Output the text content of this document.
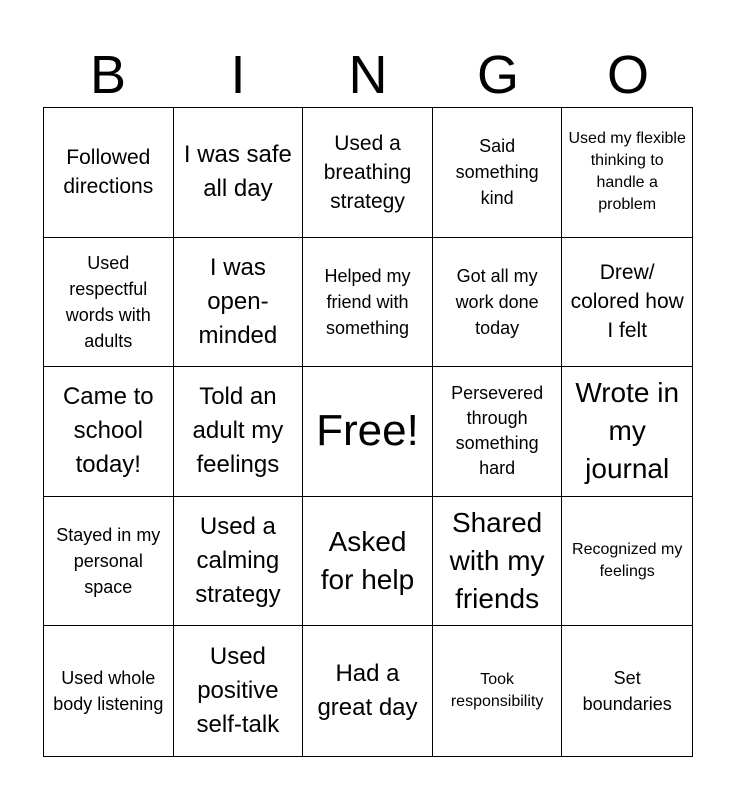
B	I	N	G	O
Followed directions
I was safe all day
Used a breathing strategy
Said something kind
Used my flexible thinking to handle a problem
Used respectful words with adults
I was open-minded
Helped my friend with something
Got all my work done today
Drew/ colored how I felt
Came to school today!
Told an adult my feelings
Free!
Persevered through something hard
Wrote in my journal
Stayed in my personal space
Used a calming strategy
Asked for help
Shared with my friends
Recognized my feelings
Used whole body listening
Used positive self-talk
Had a great day
Took responsibility
Set boundaries
